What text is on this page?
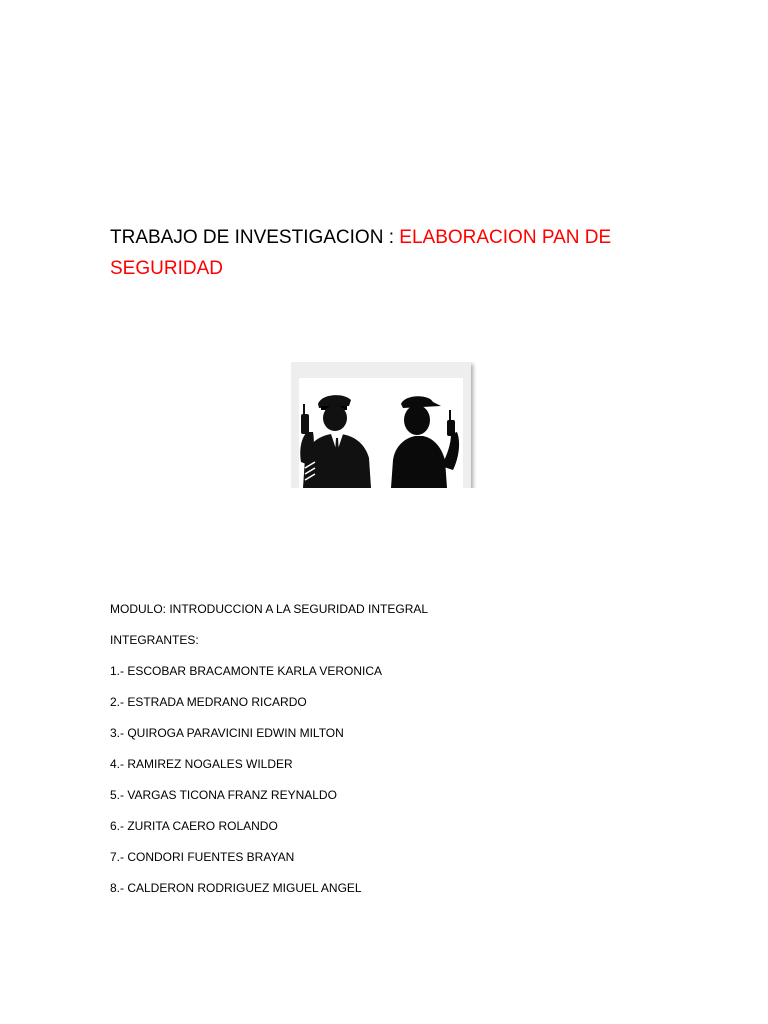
TRABAJO DE INVESTIGACION : ELABORACION PAN DE SEGURIDAD
MODULO: INTRODUCCION A LA SEGURIDAD INTEGRAL
INTEGRANTES:
1.- ESCOBAR BRACAMONTE KARLA VERONICA
2.- ESTRADA MEDRANO RICARDO
3.- QUIROGA PARAVICINI EDWIN MILTON
4.- RAMIREZ NOGALES WILDER
5.- VARGAS TICONA FRANZ REYNALDO
6.- ZURITA CAERO ROLANDO
7.- CONDORI FUENTES BRAYAN
8.- CALDERON RODRIGUEZ MIGUEL ANGEL
